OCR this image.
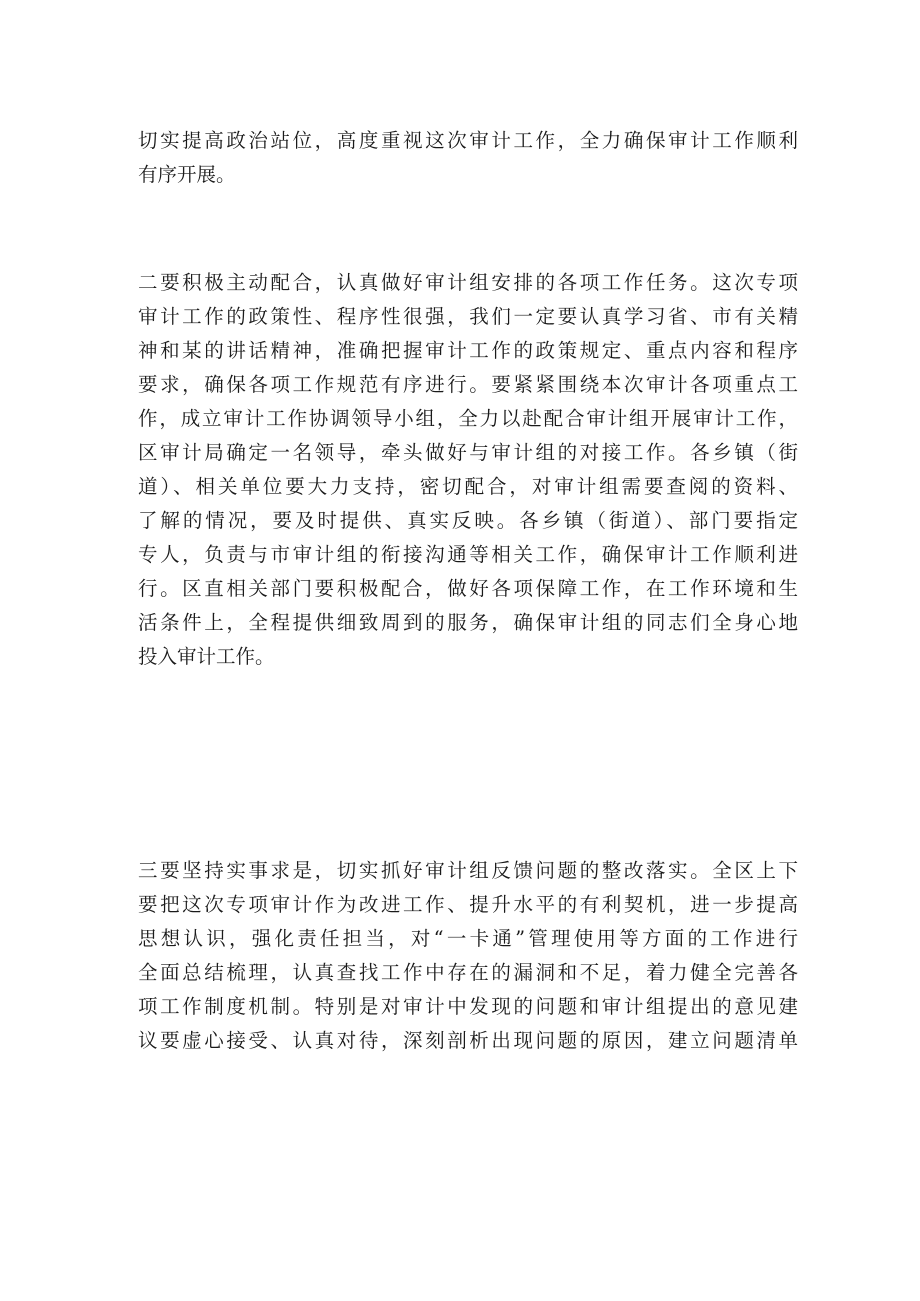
切实提高政治站位，高度重视这次审计工作，全力确保审计工作顺利
有序开展。
二要积极主动配合，认真做好审计组安排的各项工作任务。这次专项
审计工作的政策性、程序性很强，我们一定要认真学习省、市有关精
神和某的讲话精神，准确把握审计工作的政策规定、重点内容和程序
要求，确保各项工作规范有序进行。要紧紧围绕本次审计各项重点工
作，成立审计工作协调领导小组，全力以赴配合审计组开展审计工作，
区审计局确定一名领导，牵头做好与审计组的对接工作。各乡镇（街
道）、相关单位要大力支持，密切配合，对审计组需要查阅的资料、
了解的情况，要及时提供、真实反映。各乡镇（街道）、部门要指定
专人，负责与市审计组的衔接沟通等相关工作，确保审计工作顺利进
行。区直相关部门要积极配合，做好各项保障工作，在工作环境和生
活条件上，全程提供细致周到的服务，确保审计组的同志们全身心地
投入审计工作。
三要坚持实事求是，切实抓好审计组反馈问题的整改落实。全区上下
要把这次专项审计作为改进工作、提升水平的有利契机，进一步提高
思想认识，强化责任担当，对“一卡通”管理使用等方面的工作进行
全面总结梳理，认真查找工作中存在的漏洞和不足，着力健全完善各
项工作制度机制。特别是对审计中发现的问题和审计组提出的意见建
议要虚心接受、认真对待，深刻剖析出现问题的原因，建立问题清单
